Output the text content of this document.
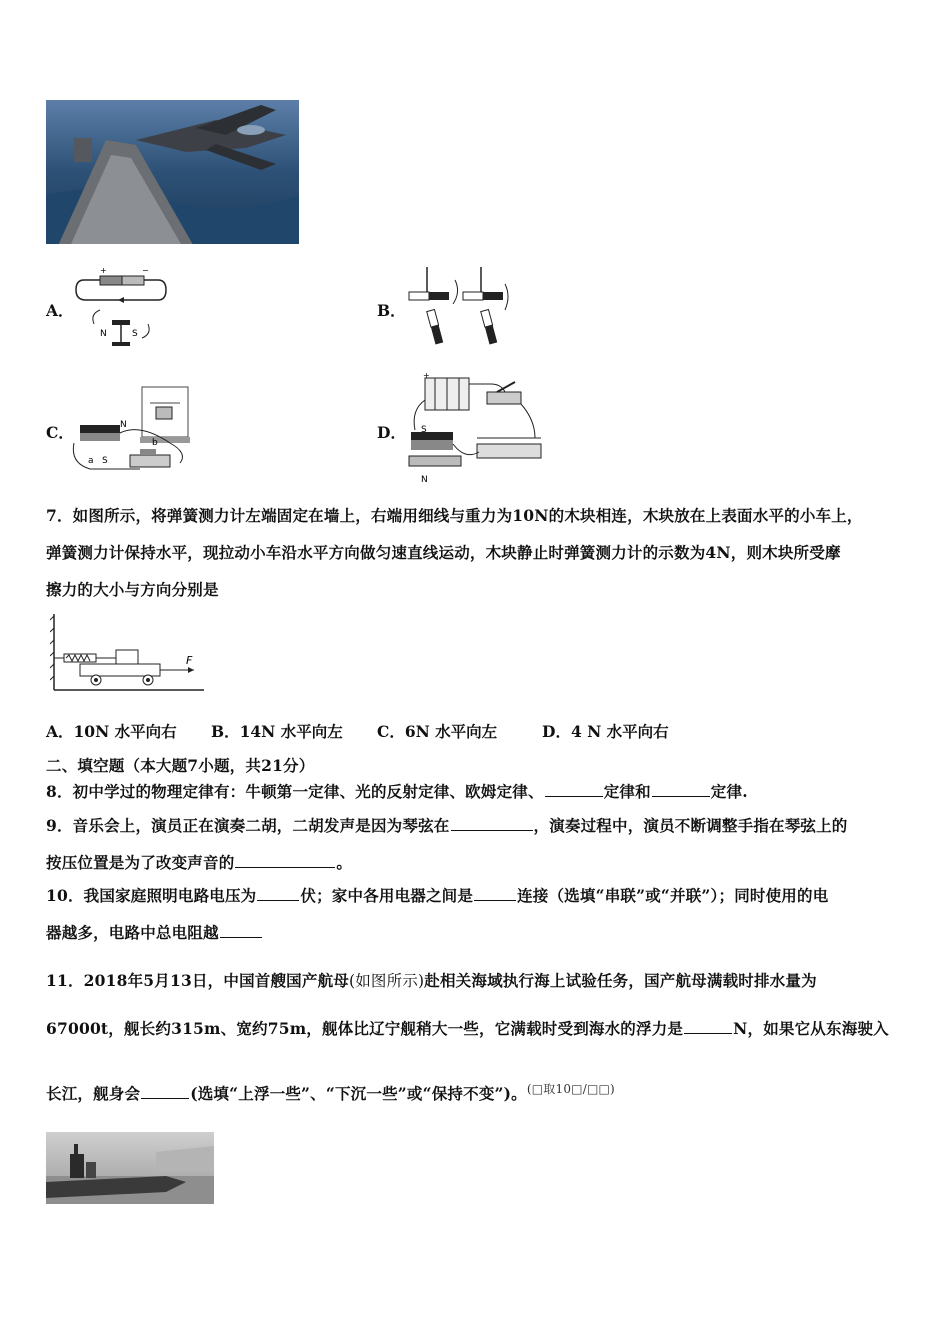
A．
+	−
N	S
B．
C．	N
S
a
b
D．
+
S
N
7．如图所示，将弹簧测力计左端固定在墙上，右端用细线与重力为10N的木块相连，木块放在上表面水平的小车上，
弹簧测力计保持水平，现拉动小车沿水平方向做匀速直线运动，木块静止时弹簧测力计的示数为4N，则木块所受摩
擦力的大小与方向分别是
F
A．10N 水平向右 B．14N 水平向左 C．6N 水平向左	D．4 N 水平向右
二、填空题（本大题7小题，共21分）
8．初中学过的物理定律有：牛顿第一定律、光的反射定律、欧姆定律、	定律和	定律.
9．音乐会上，演员正在演奏二胡，二胡发声是因为琴弦在	，演奏过程中，演员不断调整手指在琴弦上的
按压位置是为了改变声音的	。
10．我国家庭照明电路电压为	伏；家中各用电器之间是	连接（选填“串联”或“并联”）；同时使用的电
器越多，电路中总电阻越
11．2018年5月13日，中国首艘国产航母(如图所示)赴相关海域执行海上试验任务，国产航母满载时排水量为
67000t，舰长约315m、宽约75m，舰体比辽宁舰稍大一些，它满载时受到海水的浮力是	N，如果它从东海驶入
长江，舰身会	(选填“上浮一些”、“下沉一些”或“保持不变”)。$^{(□取10□/□□)}$
